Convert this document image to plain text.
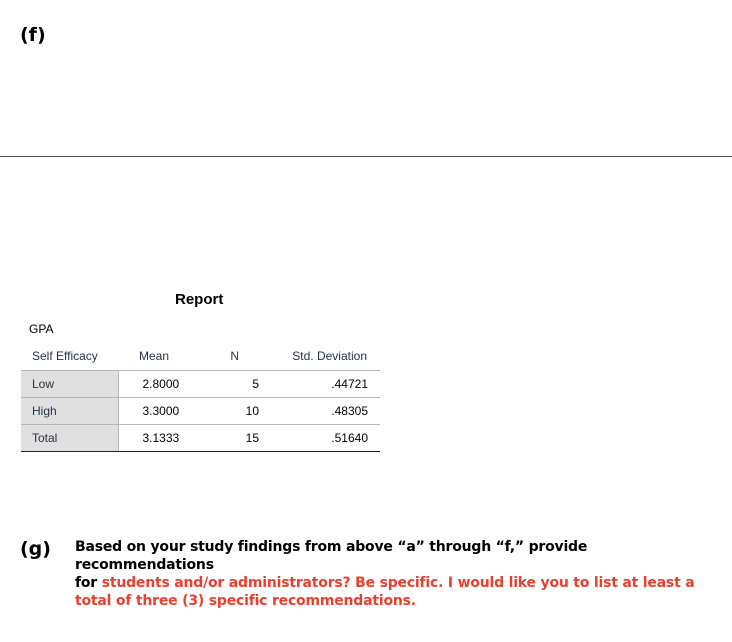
(f)
Report
GPA
Self Efficacy	Mean	N	Std. Deviation
Low	2.8000	5	.44721
High	3.3000	10	.48305
Total	3.1333	15	.51640
(g) Based on your study findings from above “a” through “f,” provide recommendations
for students and/or administrators? Be specific. I would like you to list at least a
total of three (3) specific recommendations.
